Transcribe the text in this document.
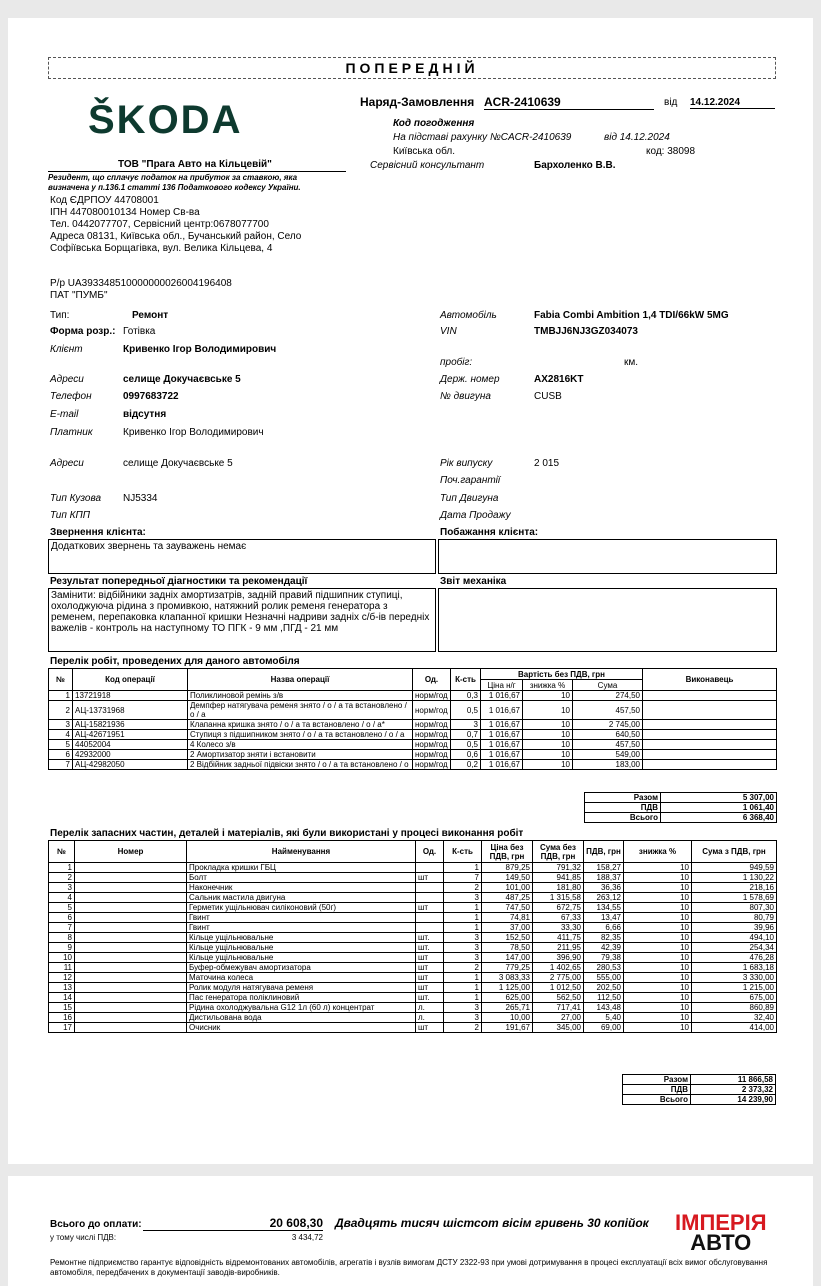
ПОПЕРЕДНІЙ
ŠKODA	Наряд-Замовлення ACR-2410639	від 14.12.2024
Код погодження
На підставі рахунку №CACR-2410639	від 14.12.2024
Київська обл.	код: 38098
Сервісний консультант	Бархоленко В.В.
ТОВ "Прага Авто на Кільцевій"
Резидент, що сплачує податок на прибуток за ставкою, яка визначена у п.136.1 статті 136 Податкового кодексу України.
Код ЄДРПОУ 44708001
ІПН 447080010134 Номер Св-ва
Тел. 0442077707, Сервісний центр:0678077700
Адреса 08131, Київська обл., Бучанський район, Село
Софіївська Борщагівка, вул. Велика Кільцева, 4
Р/р UA393348510000000026004196408
ПАТ "ПУМБ"
Тип:	Ремонт
Форма розр.: Готівка
Клієнт	Кривенко Ігор Володимирович
Адреси	селище Докучаєвське 5
Телефон	0997683722
E-mail	відсутня
Платник	Кривенко Ігор Володимирович
Адреси	селище Докучаєвське 5
Тип Кузова NJ5334
Тип КПП
Автомобіль	Fabia Combi Ambition 1,4 TDI/66kW 5MG
VIN	TMBJJ6NJ3GZ034073
пробіг:	км.
Держ. номер	AX2816KT
№ двигуна	CUSB
Рік випуску	2 015
Поч.гарантії
Тип Двигуна
Дата Продажу
Звернення клієнта:
Додаткових звернень та зауважень немає
Побажання клієнта:
Результат попередньої діагностики та рекомендації
Замінити: відбійники задніх амортизатрів, задній правий підшипник ступиці, охолоджуюча рідина з промивкою, натяжний ролик ременя генератора з ременем, перепаковка клапанної кришки Незначні надриви задніх с/б-ів передніх важелів - контроль на наступному ТО ПГК - 9 мм ,ПГД - 21 мм
Звіт механіка
Перелік робіт, проведених для даного автомобіля
№	Код операції	Назва операції	Од.	К-сть	Вартість без ПДВ, грн			Виконавець
					Ціна н/г	знижка %	Сума	
1	13721918	Поликлиновой ремінь з/в	норм/год	0,3	1 016,67	10	274,50	
2	АЦ-13731968	Демпфер натягувача ременя знято / о / а та встановлено / о / а	норм/год	0,5	1 016,67	10	457,50	
3	АЦ-15821936	Клапанна кришка знято / о / а та встановлено / о / а*	норм/год	3	1 016,67	10	2 745,00	
4	АЦ-42671951	Ступиця з підшипником знято / о / а та встановлено / о / а	норм/год	0,7	1 016,67	10	640,50	
5	44052004	4 Колесо з/в	норм/год	0,5	1 016,67	10	457,50	
6	42932000	2 Амортизатор зняти і встановити	норм/год	0,6	1 016,67	10	549,00	
7	АЦ-42982050	2 Відбійник задньої підвіски знято / о / а та встановлено / о	норм/год	0,2	1 016,67	10	183,00	
Разом	5 307,00
ПДВ	1 061,40
Всього	6 368,40
Перелік запасних частин, деталей і матеріалів, які були використані у процесі виконання робіт
№	Номер	Найменування	Од.	К-сть	Ціна без ПДВ, грн	Сума без ПДВ, грн	ПДВ, грн	знижка %	Сума з ПДВ, грн
1		Прокладка кришки ГБЦ		1	879,25	791,32	158,27	10	949,59
2		Болт	шт	7	149,50	941,85	188,37	10	1 130,22
3		Наконечник		2	101,00	181,80	36,36	10	218,16
4		Сальник мастила двигуна		3	487,25	1 315,58	263,12	10	1 578,69
5		Герметик ущільнювач силіконовий (50г)	шт	1	747,50	672,75	134,55	10	807,30
6		Гвинт		1	74,81	67,33	13,47	10	80,79
7		Гвинт		1	37,00	33,30	6,66	10	39,96
8		Кільце ущільнювальне	шт.	3	152,50	411,75	82,35	10	494,10
9		Кільце ущільнювальне	шт.	3	78,50	211,95	42,39	10	254,34
10		Кільце ущільнювальне	шт	3	147,00	396,90	79,38	10	476,28
11		Буфер-обмежувач амортизатора	шт	2	779,25	1 402,65	280,53	10	1 683,18
12		Маточина колеса	шт	1	3 083,33	2 775,00	555,00	10	3 330,00
13		Ролик модуля натягувача ременя	шт	1	1 125,00	1 012,50	202,50	10	1 215,00
14		Пас генератора поліклиновий	шт.	1	625,00	562,50	112,50	10	675,00
15		Рідина охолоджувальна G12 1л (60 л) концентрат	л.	3	265,71	717,41	143,48	10	860,89
16		Дистильована вода	л.	3	10,00	27,00	5,40	10	32,40
17		Очисник	шт	2	191,67	345,00	69,00	10	414,00
Разом	11 866,58
ПДВ	2 373,32
Всього	14 239,90
Всього до оплати:	20 608,30 Двадцять тисяч шістсот вісім гривень 30 копійок
у тому числі ПДВ:	3 434,72
Ремонтне підприємство гарантує відповідність відремонтованих автомобілів, агрегатів і вузлів вимогам ДСТУ 2322-93 при умові дотримування в процесі експлуатації всіх вимог обслуговування автомобіля, передбачених в документації заводів-виробників.
ІМПЕРІЯ
АВТО
